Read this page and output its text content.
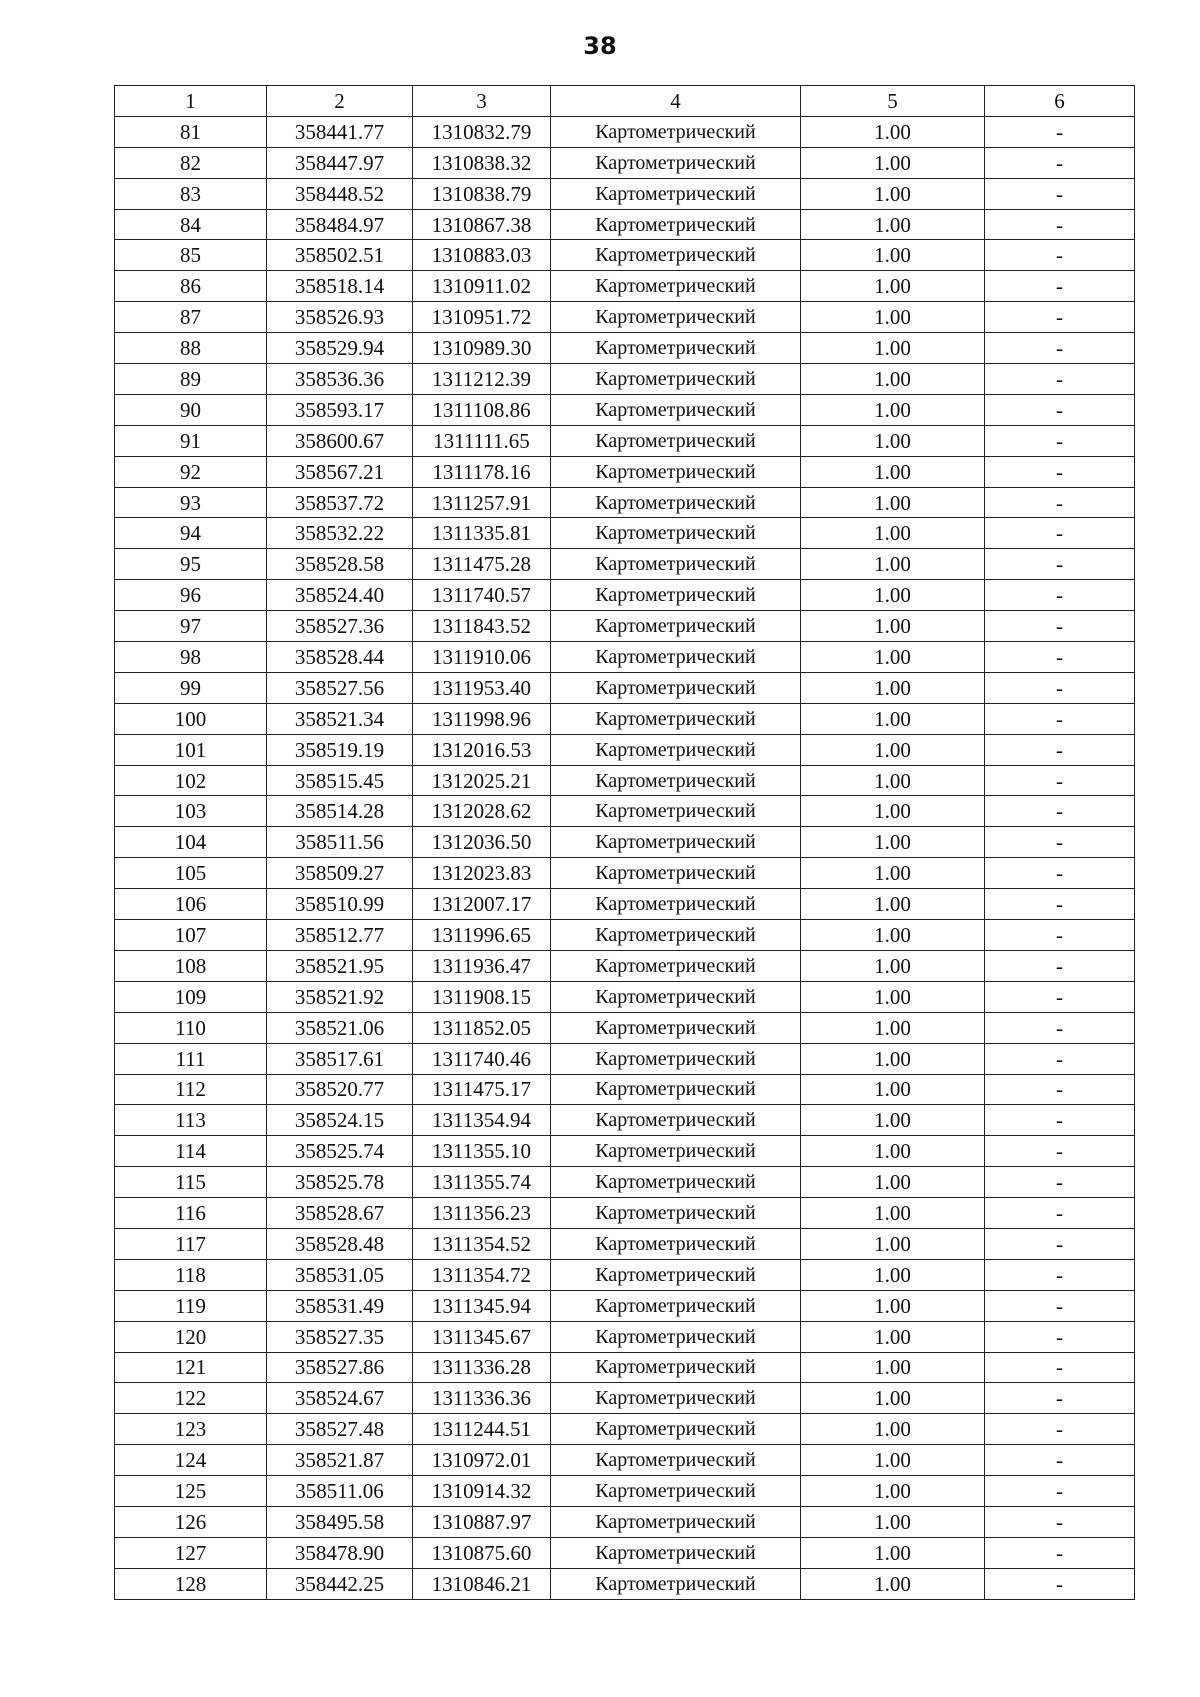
38
1	2	3	4	5	6
81	358441.77	1310832.79	Картометрический	1.00	-
82	358447.97	1310838.32	Картометрический	1.00	-
83	358448.52	1310838.79	Картометрический	1.00	-
84	358484.97	1310867.38	Картометрический	1.00	-
85	358502.51	1310883.03	Картометрический	1.00	-
86	358518.14	1310911.02	Картометрический	1.00	-
87	358526.93	1310951.72	Картометрический	1.00	-
88	358529.94	1310989.30	Картометрический	1.00	-
89	358536.36	1311212.39	Картометрический	1.00	-
90	358593.17	1311108.86	Картометрический	1.00	-
91	358600.67	1311111.65	Картометрический	1.00	-
92	358567.21	1311178.16	Картометрический	1.00	-
93	358537.72	1311257.91	Картометрический	1.00	-
94	358532.22	1311335.81	Картометрический	1.00	-
95	358528.58	1311475.28	Картометрический	1.00	-
96	358524.40	1311740.57	Картометрический	1.00	-
97	358527.36	1311843.52	Картометрический	1.00	-
98	358528.44	1311910.06	Картометрический	1.00	-
99	358527.56	1311953.40	Картометрический	1.00	-
100	358521.34	1311998.96	Картометрический	1.00	-
101	358519.19	1312016.53	Картометрический	1.00	-
102	358515.45	1312025.21	Картометрический	1.00	-
103	358514.28	1312028.62	Картометрический	1.00	-
104	358511.56	1312036.50	Картометрический	1.00	-
105	358509.27	1312023.83	Картометрический	1.00	-
106	358510.99	1312007.17	Картометрический	1.00	-
107	358512.77	1311996.65	Картометрический	1.00	-
108	358521.95	1311936.47	Картометрический	1.00	-
109	358521.92	1311908.15	Картометрический	1.00	-
110	358521.06	1311852.05	Картометрический	1.00	-
111	358517.61	1311740.46	Картометрический	1.00	-
112	358520.77	1311475.17	Картометрический	1.00	-
113	358524.15	1311354.94	Картометрический	1.00	-
114	358525.74	1311355.10	Картометрический	1.00	-
115	358525.78	1311355.74	Картометрический	1.00	-
116	358528.67	1311356.23	Картометрический	1.00	-
117	358528.48	1311354.52	Картометрический	1.00	-
118	358531.05	1311354.72	Картометрический	1.00	-
119	358531.49	1311345.94	Картометрический	1.00	-
120	358527.35	1311345.67	Картометрический	1.00	-
121	358527.86	1311336.28	Картометрический	1.00	-
122	358524.67	1311336.36	Картометрический	1.00	-
123	358527.48	1311244.51	Картометрический	1.00	-
124	358521.87	1310972.01	Картометрический	1.00	-
125	358511.06	1310914.32	Картометрический	1.00	-
126	358495.58	1310887.97	Картометрический	1.00	-
127	358478.90	1310875.60	Картометрический	1.00	-
128	358442.25	1310846.21	Картометрический	1.00	-
